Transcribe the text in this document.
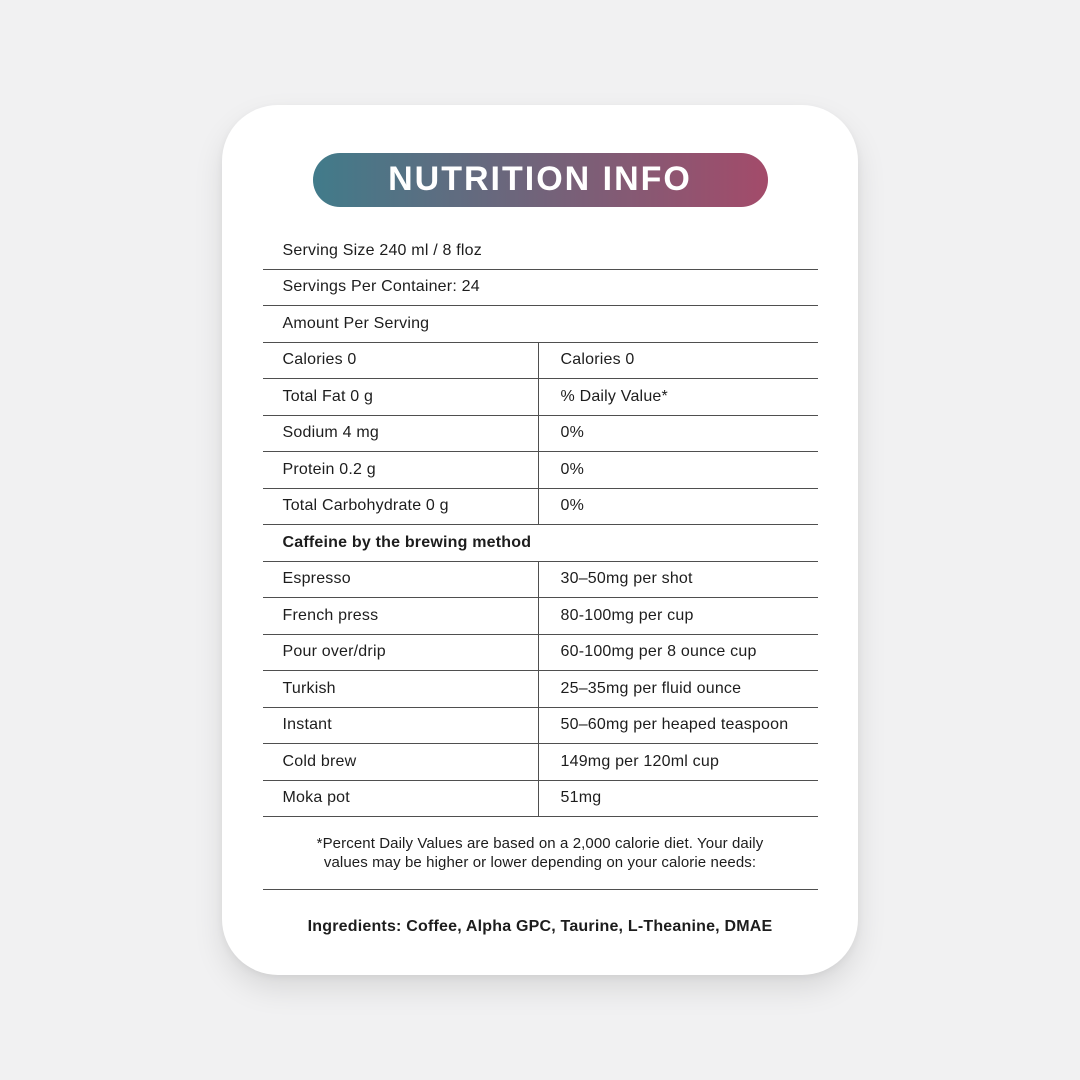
NUTRITION INFO
Serving Size 240 ml / 8 floz
Servings Per Container: 24
Amount Per Serving
Calories 0	Calories 0
Total Fat 0 g	% Daily Value*
Sodium 4 mg	0%
Protein 0.2 g	0%
Total Carbohydrate 0 g	0%
Caffeine by the brewing method
Espresso	30–50mg per shot
French press	80-100mg per cup
Pour over/drip	60-100mg per 8 ounce cup
Turkish	25–35mg per fluid ounce
Instant	50–60mg per heaped teaspoon
Cold brew	149mg per 120ml cup
Moka pot	51mg
*Percent Daily Values are based on a 2,000 calorie diet. Your daily
values may be higher or lower depending on your calorie needs:
Ingredients: Coffee, Alpha GPC, Taurine, L-Theanine, DMAE
